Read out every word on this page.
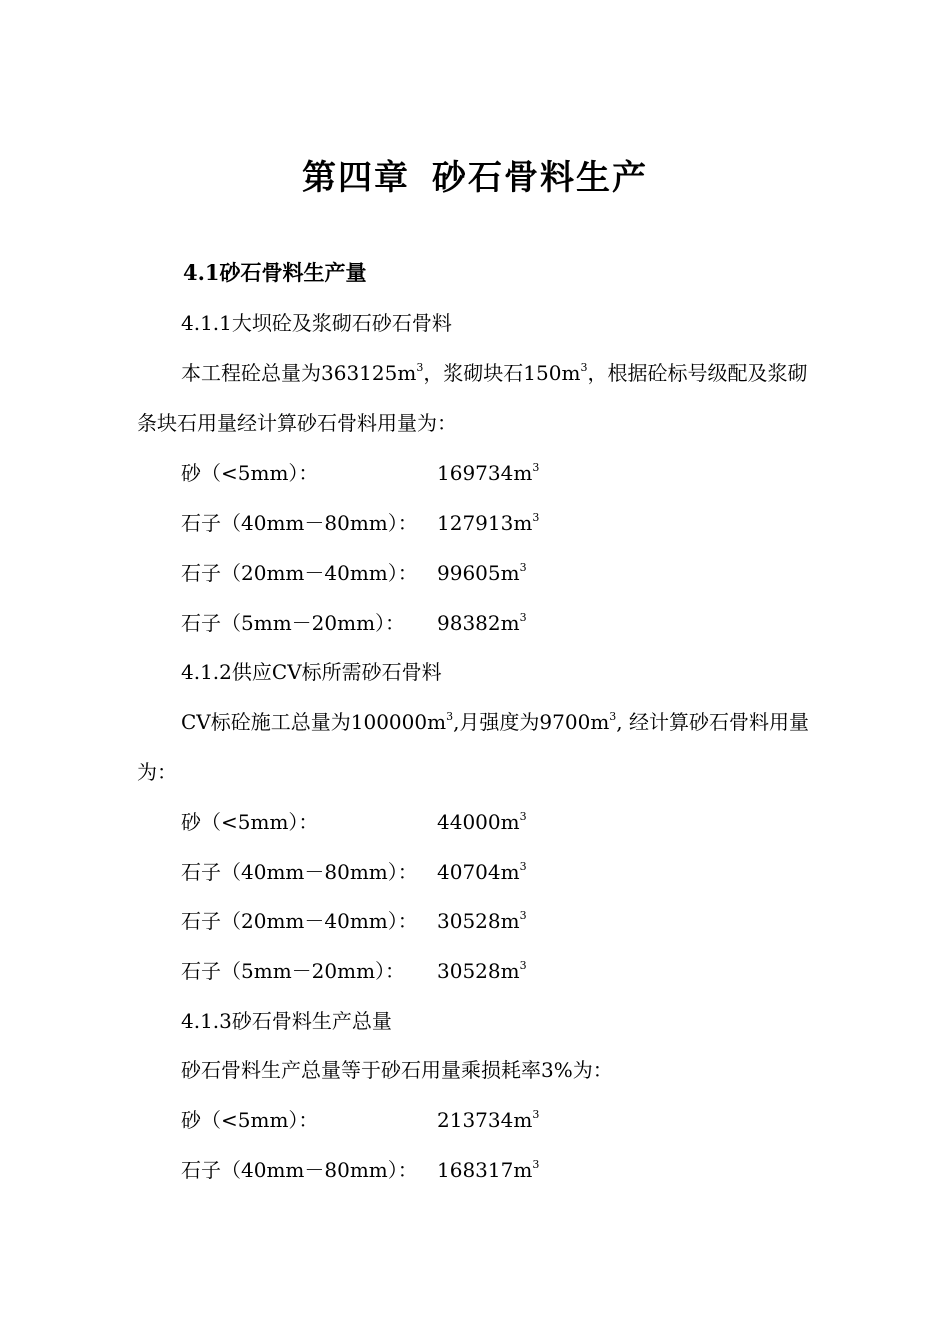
第四章 砂石骨料生产
4.1砂石骨料生产量
4.1.1大坝砼及浆砌石砂石骨料
本工程砼总量为$363125m^3$，浆砌块石$150m^3$，根据砼标号级配及浆砌
条块石用量经计算砂石骨料用量为：
砂（<5mm）：	$169734m^3$
石子（40mm－80mm）： $127913m^3$
石子（20mm－40mm）： $99605m^3$
石子（5mm－20mm）： $98382m^3$
4.1.2供应CV标所需砂石骨料
CV标砼施工总量为$100000m^3$,月强度为$9700m^3$, 经计算砂石骨料用量
为：
砂（<5mm）：	$44000m^3$
石子（40mm－80mm）： $40704m^3$
石子（20mm－40mm）： $30528m^3$
石子（5mm－20mm）： $30528m^3$
4.1.3砂石骨料生产总量
砂石骨料生产总量等于砂石用量乘损耗率3%为：
砂（<5mm）：	$213734m^3$
石子（40mm－80mm）： $168317m^3$
